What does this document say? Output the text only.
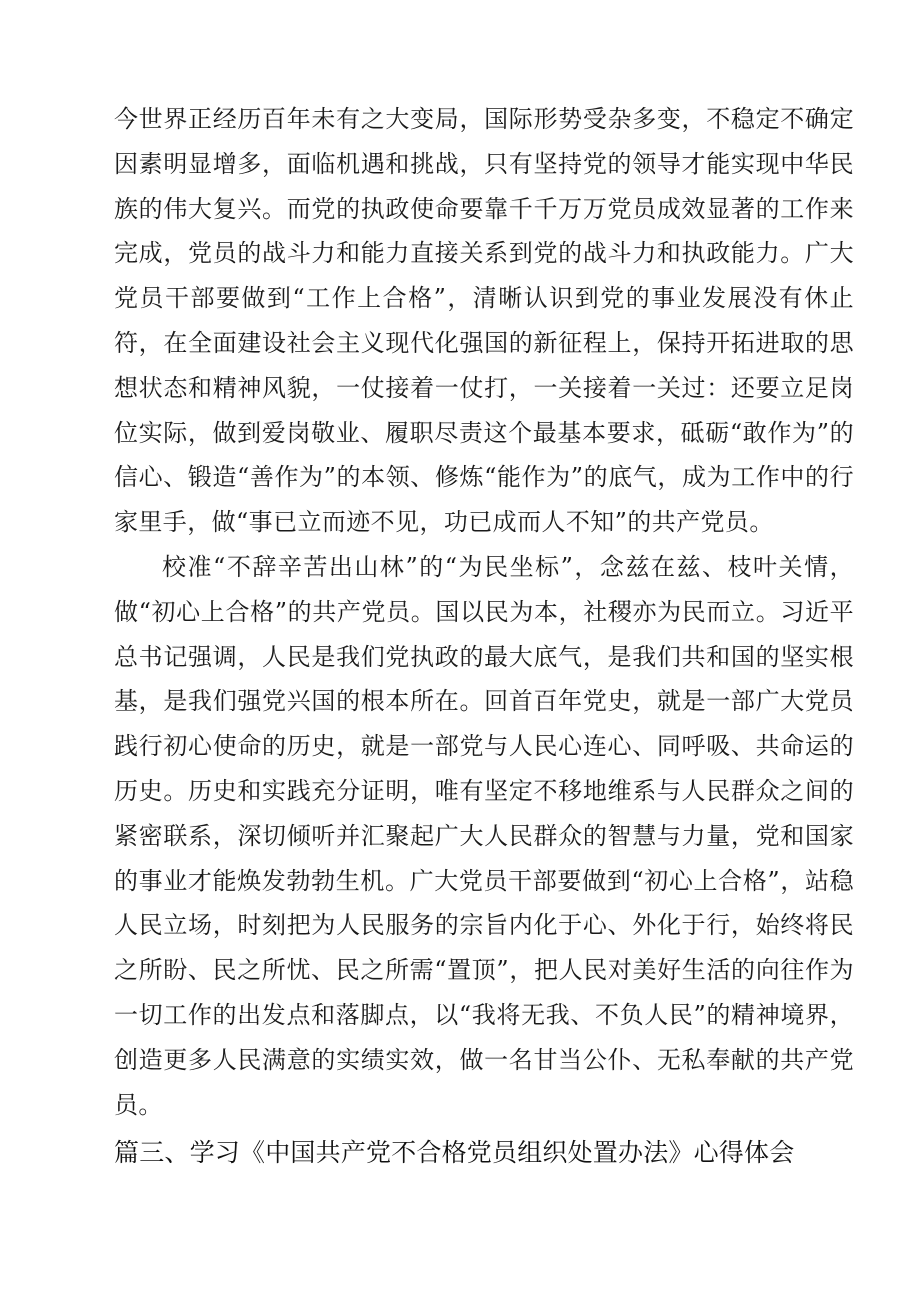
今世界正经历百年未有之大变局，国际形势受杂多变，不稳定不确定因素明显增多，面临机遇和挑战，只有坚持党的领导才能实现中华民族的伟大复兴。而党的执政使命要靠千千万万党员成效显著的工作来完成，党员的战斗力和能力直接关系到党的战斗力和执政能力。广大党员干部要做到“工作上合格”，清晰认识到党的事业发展没有休止符，在全面建设社会主义现代化强国的新征程上，保持开拓进取的思想状态和精神风貌，一仗接着一仗打，一关接着一关过：还要立足岗位实际，做到爱岗敬业、履职尽责这个最基本要求，砥砺“敢作为”的信心、锻造“善作为”的本领、修炼“能作为”的底气，成为工作中的行家里手，做“事已立而迹不见，功已成而人不知”的共产党员。

校准“不辞辛苦出山林”的“为民坐标”，念兹在兹、枝叶关情，做“初心上合格”的共产党员。国以民为本，社稷亦为民而立。习近平总书记强调，人民是我们党执政的最大底气，是我们共和国的坚实根基，是我们强党兴国的根本所在。回首百年党史，就是一部广大党员践行初心使命的历史，就是一部党与人民心连心、同呼吸、共命运的历史。历史和实践充分证明，唯有坚定不移地维系与人民群众之间的紧密联系，深切倾听并汇聚起广大人民群众的智慧与力量，党和国家的事业才能焕发勃勃生机。广大党员干部要做到“初心上合格”，站稳人民立场，时刻把为人民服务的宗旨内化于心、外化于行，始终将民之所盼、民之所忧、民之所需“置顶”，把人民对美好生活的向往作为一切工作的出发点和落脚点，以“我将无我、不负人民”的精神境界，创造更多人民满意的实绩实效，做一名甘当公仆、无私奉献的共产党员。

篇三、学习《中国共产党不合格党员组织处置办法》心得体会
